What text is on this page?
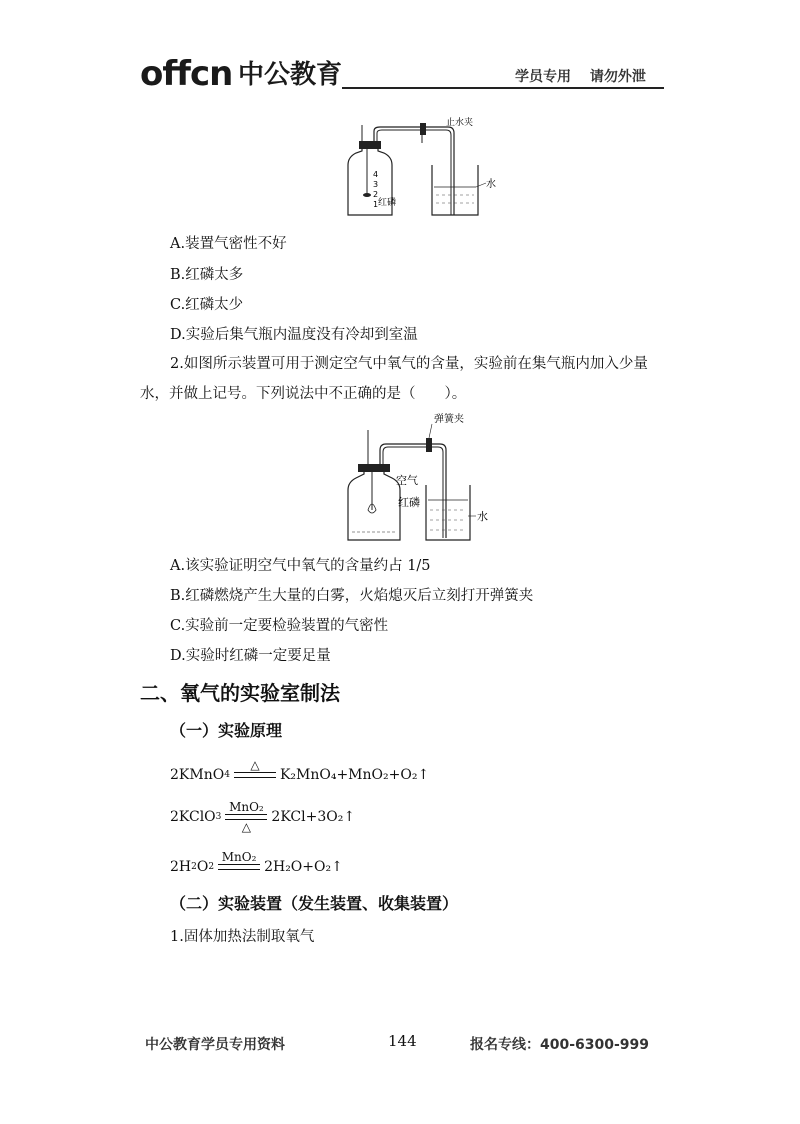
offcn 中公教育	学员专用 请勿外泄
4
3
2
1 红磷
止水夹
水
A.装置气密性不好
B.红磷太多
C.红磷太少
D.实验后集气瓶内温度没有冷却到室温
2.如图所示装置可用于测定空气中氧气的含量，实验前在集气瓶内加入少量水，并做上记号。下列说法中不正确的是（　　）。
空气
红磷
弹簧夹
水
A.该实验证明空气中氧气的含量约占 1/5
B.红磷燃烧产生大量的白雾，火焰熄灭后立刻打开弹簧夹
C.实验前一定要检验装置的气密性
D.实验时红磷一定要足量
二、氧气的实验室制法
（一）实验原理
2KMnO 4
△
K₂MnO₄+MnO₂+O₂↑
2KClO 3
MnO₂
△
2KCl+3O₂↑
2H 2 O 2
MnO₂
2H₂O+O₂↑
（二）实验装置（发生装置、收集装置）
1.固体加热法制取氧气
中公教育学员专用资料	144	报名专线：400-6300-999
